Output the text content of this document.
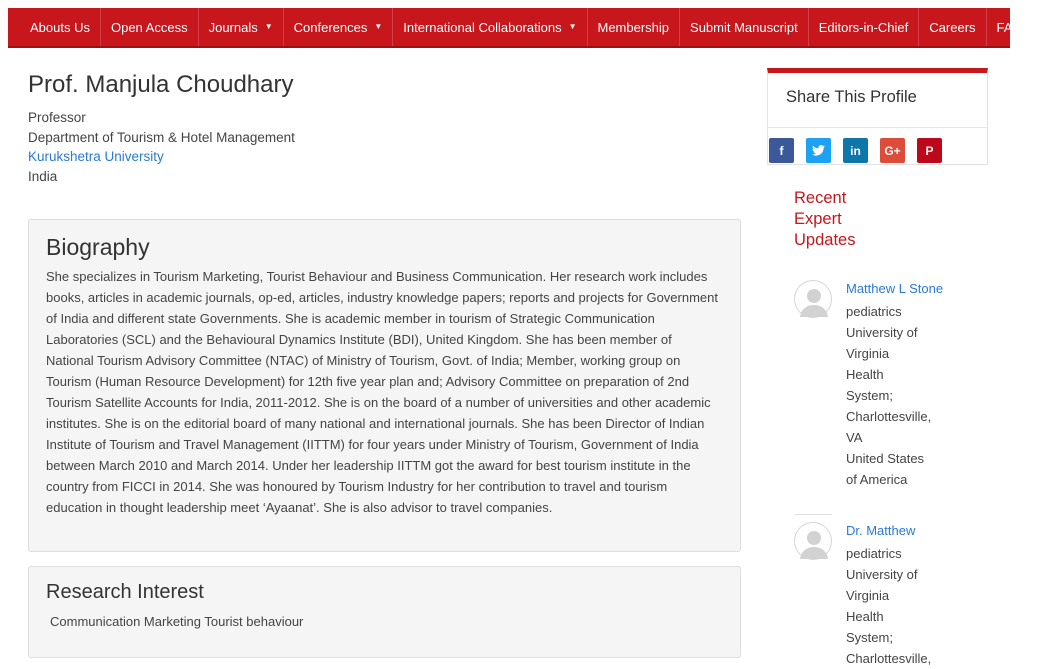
Abouts Us Open Access Journals ▼ Conferences ▼ International Collaborations ▼ Membership Submit Manuscript Editors-in-Chief Careers FAQs
Prof. Manjula Choudhary
Professor
Department of Tourism & Hotel Management
Kurukshetra University
India
Biography

She specializes in Tourism Marketing, Tourist Behaviour and Business Communication. Her research work includes books, articles in academic journals, op-ed, articles, industry knowledge papers; reports and projects for Government of India and different state Governments. She is academic member in tourism of Strategic Communication Laboratories (SCL) and the Behavioural Dynamics Institute (BDI), United Kingdom. She has been member of National Tourism Advisory Committee (NTAC) of Ministry of Tourism, Govt. of India; Member, working group on Tourism (Human Resource Development) for 12th five year plan and; Advisory Committee on preparation of 2nd Tourism Satellite Accounts for India, 2011-2012. She is on the board of a number of universities and other academic institutes. She is on the editorial board of many national and international journals. She has been Director of Indian Institute of Tourism and Travel Management (IITTM) for four years under Ministry of Tourism, Government of India between March 2010 and March 2014. Under her leadership IITTM got the award for best tourism institute in the country from FICCI in 2014. She was honoured by Tourism Industry for her contribution to travel and tourism education in thought leadership meet ‘Ayaanat’. She is also advisor to travel companies.

Research Interest

Communication Marketing Tourist behaviour

Share This Profile
f	in G+ P
Recent Expert Updates
Matthew L Stone
pediatrics
University of
Virginia
Health
System;
Charlottesville,
VA
United States
of America
Dr. Matthew
pediatrics
University of
Virginia
Health
System;
Charlottesville,
